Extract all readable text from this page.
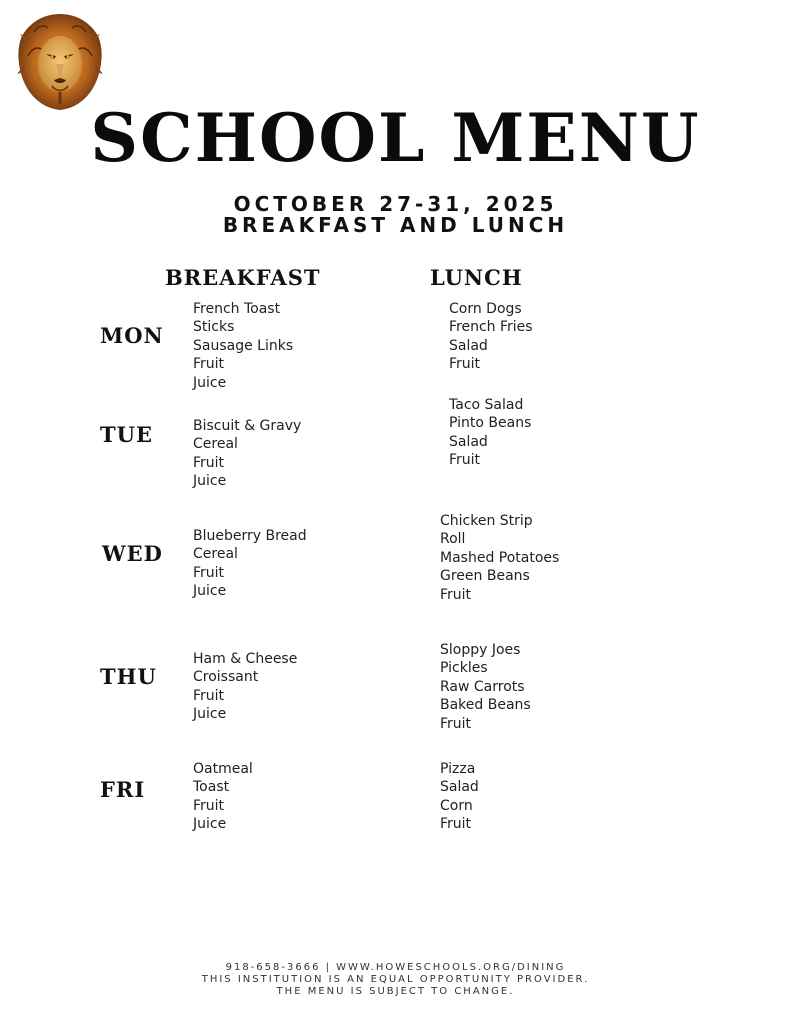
SCHOOL MENU
OCTOBER 27-31, 2025
BREAKFAST AND LUNCH
BREAKFAST	LUNCH
MON
French Toast
Sticks
Sausage Links
Fruit
Juice
Corn Dogs
French Fries
Salad
Fruit
TUE	Biscuit & Gravy
Cereal
Fruit
Juice
Taco Salad
Pinto Beans
Salad
Fruit
WED
Blueberry Bread
Cereal
Fruit
Juice
Chicken Strip
Roll
Mashed Potatoes
Green Beans
Fruit
THU
Ham & Cheese
Croissant
Fruit
Juice
Sloppy Joes
Pickles
Raw Carrots
Baked Beans
Fruit
FRI
Oatmeal
Toast
Fruit
Juice
Pizza
Salad
Corn
Fruit
918-658-3666 | WWW.HOWESCHOOLS.ORG/DINING
THIS INSTITUTION IS AN EQUAL OPPORTUNITY PROVIDER.
THE MENU IS SUBJECT TO CHANGE.
